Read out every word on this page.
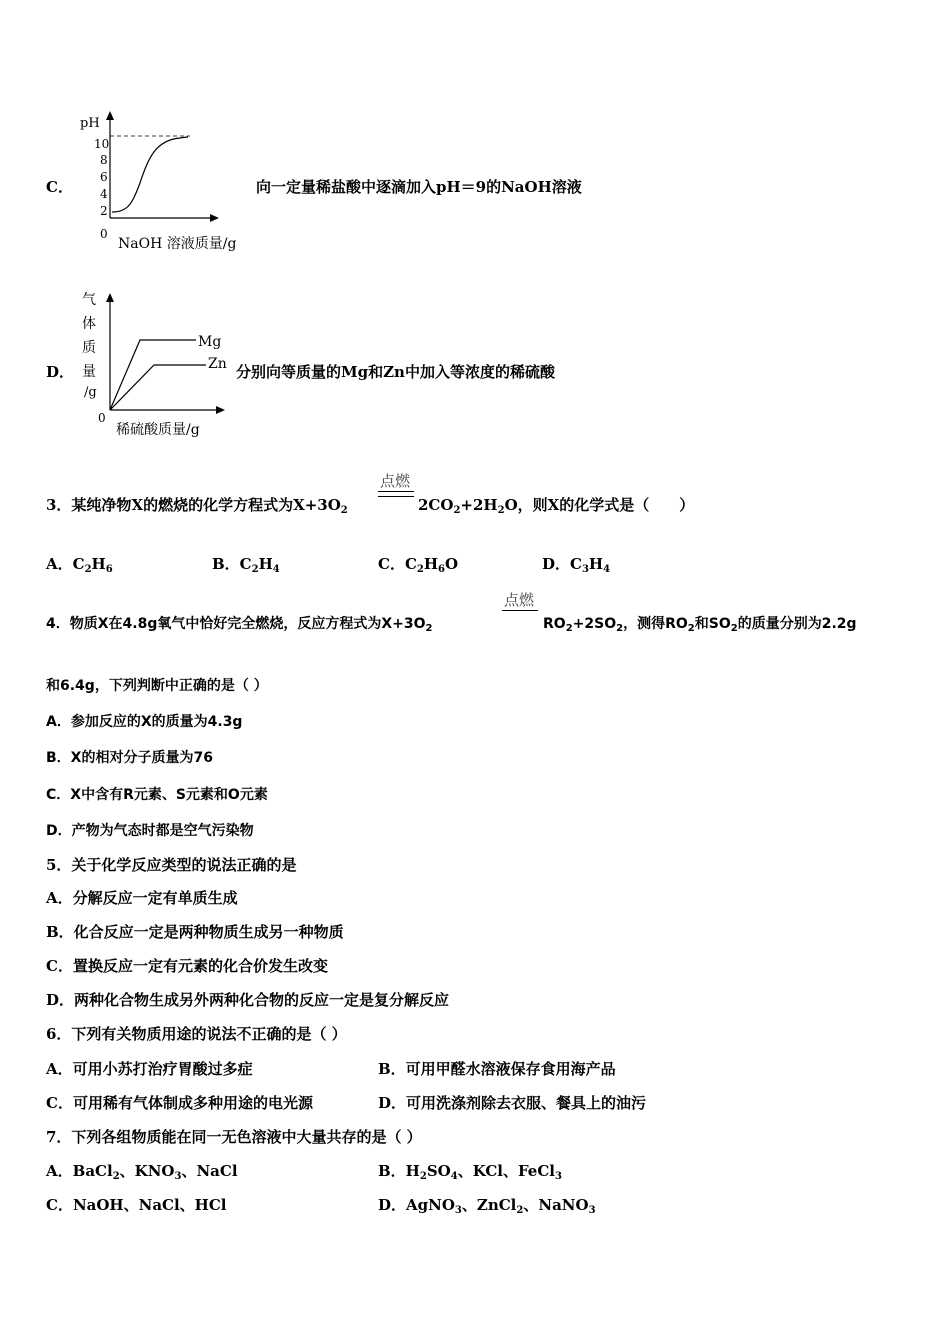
C．
pH
10
8
6
4
2
0
NaOH 溶液质量/g
向一定量稀盐酸中逐滴加入pH＝9的NaOH溶液
D．
气
体
质
量
/g
0
Mg
Zn
稀硫酸质量/g
分别向等质量的Mg和Zn中加入等浓度的稀硫酸
点燃
3．某纯净物X的燃烧的化学方程式为$X+3O_2$	$2CO_2+2H_2O$，则X的化学式是（　　）
A．$C_2H_6$	B．$C_2H_4$	C．$C_2H_6O$	D．$C_3H_4$
点燃
4．物质X在4.8g氧气中恰好完全燃烧，反应方程式为$X+3O_2$	$RO_2+2SO_2$，测得$RO_2$和$SO_2$的质量分别为2.2g
和6.4g，下列判断中正确的是（ ）
A．参加反应的X的质量为4.3g
B．X的相对分子质量为76
C．X中含有R元素、S元素和O元素
D．产物为气态时都是空气污染物
5．关于化学反应类型的说法正确的是
A．分解反应一定有单质生成
B．化合反应一定是两种物质生成另一种物质
C．置换反应一定有元素的化合价发生改变
D．两种化合物生成另外两种化合物的反应一定是复分解反应
6．下列有关物质用途的说法不正确的是（ ）
A．可用小苏打治疗胃酸过多症	B．可用甲醛水溶液保存食用海产品
C．可用稀有气体制成多种用途的电光源	D．可用洗涤剂除去衣服、餐具上的油污
7．下列各组物质能在同一无色溶液中大量共存的是（ ）
A．BaCl$_2$、$KNO_3$、NaCl	B．$H_2SO_4$、KCl、FeCl$_3$
C．NaOH、NaCl、HCl	D．AgNO$_3$、ZnCl$_2$、NaNO$_3$
